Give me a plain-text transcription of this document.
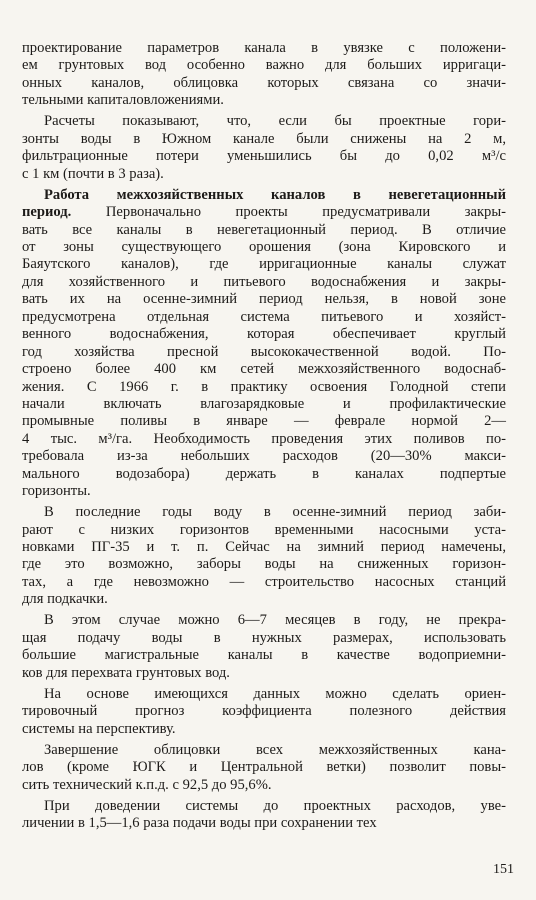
проектирование параметров канала в увязке с положени-
ем грунтовых вод особенно важно для больших ирригаци-
онных каналов, облицовка которых связана со значи-
тельными капиталовложениями.
Расчеты показывают, что, если бы проектные гори-
зонты воды в Южном канале были снижены на 2 м,
фильтрационные потери уменьшились бы до 0,02 м³/с
с 1 км (почти в 3 раза).
Работа межхозяйственных каналов в невегетационный
период. Первоначально проекты предусматривали закры-
вать все каналы в невегетационный период. В отличие
от зоны существующего орошения (зона Кировского и
Баяутского каналов), где ирригационные каналы служат
для хозяйственного и питьевого водоснабжения и закры-
вать их на осенне-зимний период нельзя, в новой зоне
предусмотрена отдельная система питьевого и хозяйст-
венного водоснабжения, которая обеспечивает круглый
год хозяйства пресной высококачественной водой. По-
строено более 400 км сетей межхозяйственного водоснаб-
жения. С 1966 г. в практику освоения Голодной степи
начали включать влагозарядковые и профилактические
промывные поливы в январе — феврале нормой 2—
4 тыс. м³/га. Необходимость проведения этих поливов по-
требовала из-за небольших расходов (20—30% макси-
мального водозабора) держать в каналах подпертые
горизонты.
В последние годы воду в осенне-зимний период заби-
рают с низких горизонтов временными насосными уста-
новками ПГ-35 и т. п. Сейчас на зимний период намечены,
где это возможно, заборы воды на сниженных горизон-
тах, а где невозможно — строительство насосных станций
для подкачки.
В этом случае можно 6—7 месяцев в году, не прекра-
щая подачу воды в нужных размерах, использовать
большие магистральные каналы в качестве водоприемни-
ков для перехвата грунтовых вод.
На основе имеющихся данных можно сделать ориен-
тировочный прогноз коэффициента полезного действия
системы на перспективу.
Завершение облицовки всех межхозяйственных кана-
лов (кроме ЮГК и Центральной ветки) позволит повы-
сить технический к.п.д. с 92,5 до 95,6%.
При доведении системы до проектных расходов, уве-
личении в 1,5—1,6 раза подачи воды при сохранении тех
151
